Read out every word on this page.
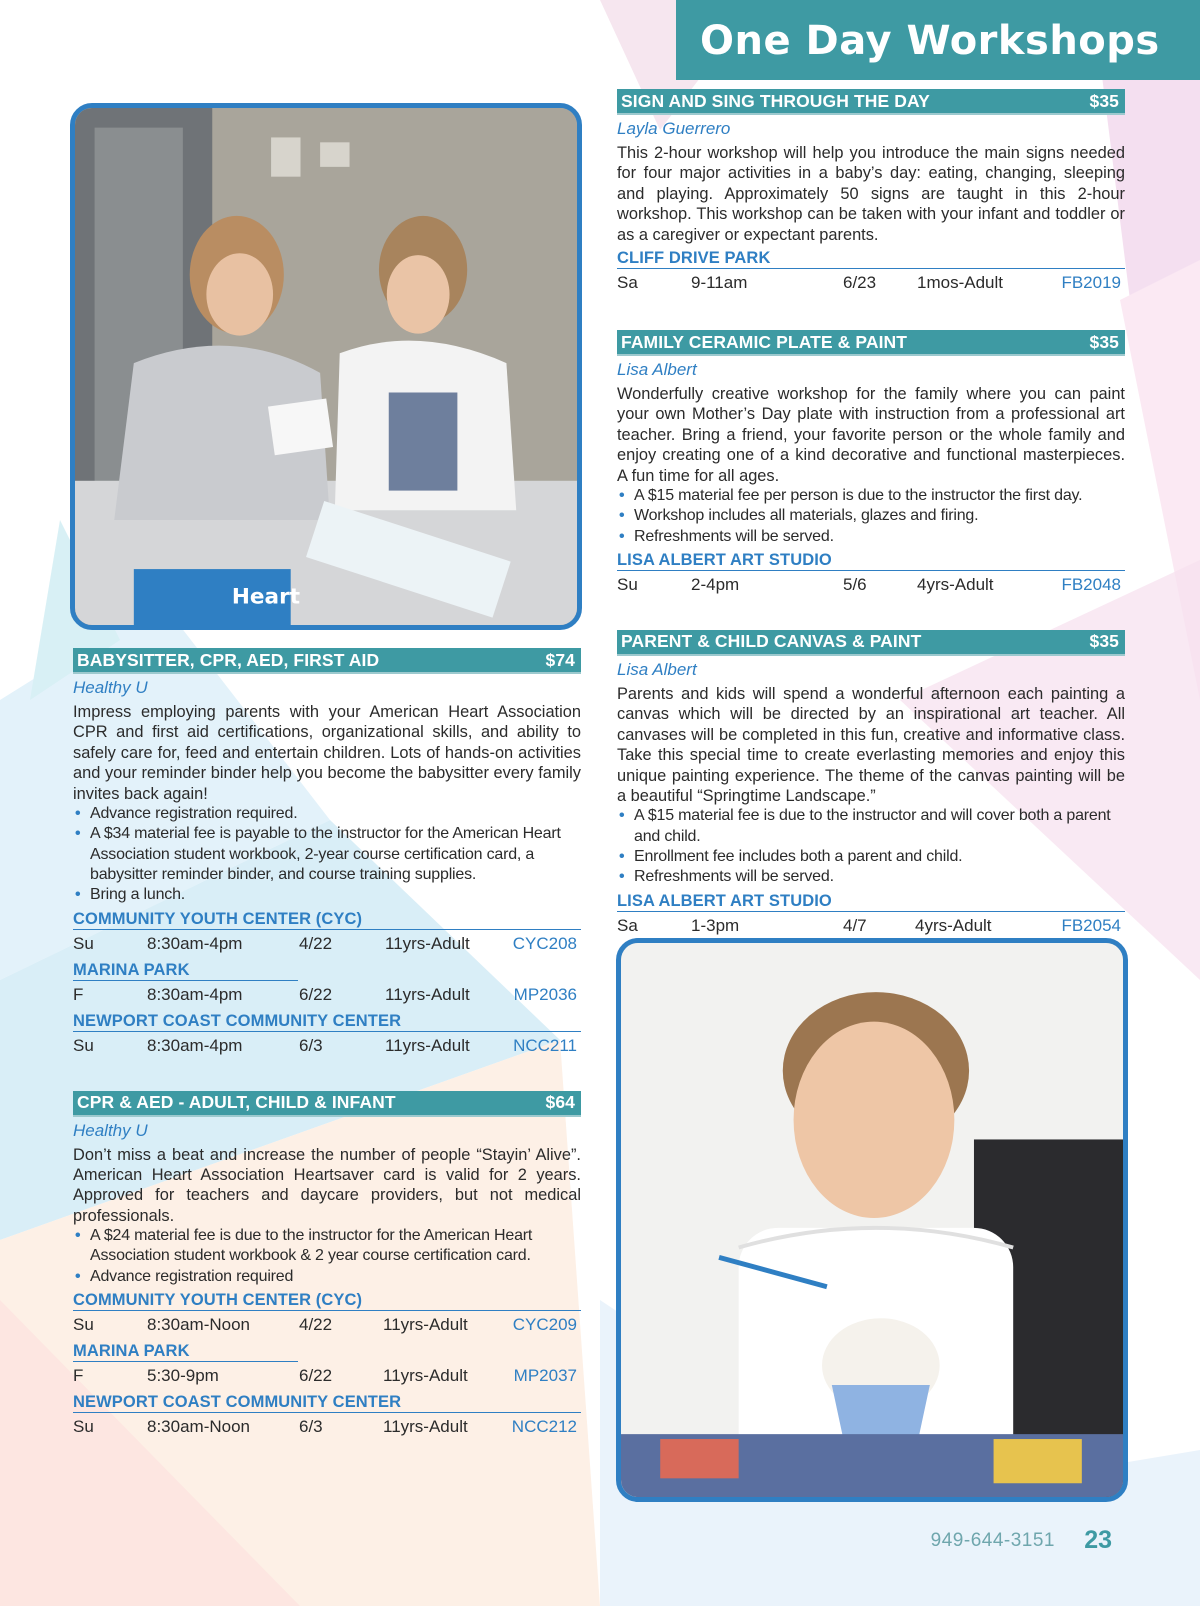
One Day Workshops
Heart
BABYSITTER, CPR, AED, FIRST AID	$74
Healthy U

Impress employing parents with your American Heart Association CPR and first aid certifications, organizational skills, and ability to safely care for, feed and entertain children. Lots of hands-on activities and your reminder binder help you become the babysitter every family invites back again!

• Advance registration required.
• A $34 material fee is payable to the instructor for the American Heart Association student workbook, 2-year course certification card, a babysitter reminder binder, and course training supplies.
• Bring a lunch.
COMMUNITY YOUTH CENTER (CYC)
Su	8:30am-4pm	4/22	11yrs-Adult	CYC208
MARINA PARK
F	8:30am-4pm	6/22	11yrs-Adult	MP2036
NEWPORT COAST COMMUNITY CENTER
Su	8:30am-4pm	6/3	11yrs-Adult	NCC211
CPR & AED - ADULT, CHILD & INFANT	$64
Healthy U

Don’t miss a beat and increase the number of people “Stayin’ Alive”. American Heart Association Heartsaver card is valid for 2 years. Approved for teachers and daycare providers, but not medical professionals.

• A $24 material fee is due to the instructor for the American Heart Association student workbook & 2 year course certification card.
• Advance registration required
COMMUNITY YOUTH CENTER (CYC)
Su	8:30am-Noon	4/22	11yrs-Adult	CYC209
MARINA PARK
F	5:30-9pm	6/22	11yrs-Adult	MP2037
NEWPORT COAST COMMUNITY CENTER
Su	8:30am-Noon	6/3	11yrs-Adult	NCC212
SIGN AND SING THROUGH THE DAY	$35
Layla Guerrero

This 2-hour workshop will help you introduce the main signs needed for four major activities in a baby’s day: eating, changing, sleeping and playing. Approximately 50 signs are taught in this 2-hour workshop. This workshop can be taken with your infant and toddler or as a caregiver or expectant parents.

CLIFF DRIVE PARK
Sa	9-11am	6/23 1mos-Adult	FB2019
FAMILY CERAMIC PLATE & PAINT	$35
Lisa Albert

Wonderfully creative workshop for the family where you can paint your own Mother’s Day plate with instruction from a professional art teacher. Bring a friend, your favorite person or the whole family and enjoy creating one of a kind decorative and functional masterpieces. A fun time for all ages.

• A $15 material fee per person is due to the instructor the first day.
• Workshop includes all materials, glazes and firing.
• Refreshments will be served.
LISA ALBERT ART STUDIO
Su	2-4pm	5/6	4yrs-Adult	FB2048
PARENT & CHILD CANVAS & PAINT	$35
Lisa Albert

Parents and kids will spend a wonderful afternoon each painting a canvas which will be directed by an inspirational art teacher. All canvases will be completed in this fun, creative and informative class. Take this special time to create everlasting memories and enjoy this unique painting experience. The theme of the canvas painting will be a beautiful “Springtime Landscape.”

• A $15 material fee is due to the instructor and will cover both a parent and child.
• Enrollment fee includes both a parent and child.
• Refreshments will be served.
LISA ALBERT ART STUDIO
Sa	1-3pm	4/7	4yrs-Adult	FB2054
949-644-3151 23
